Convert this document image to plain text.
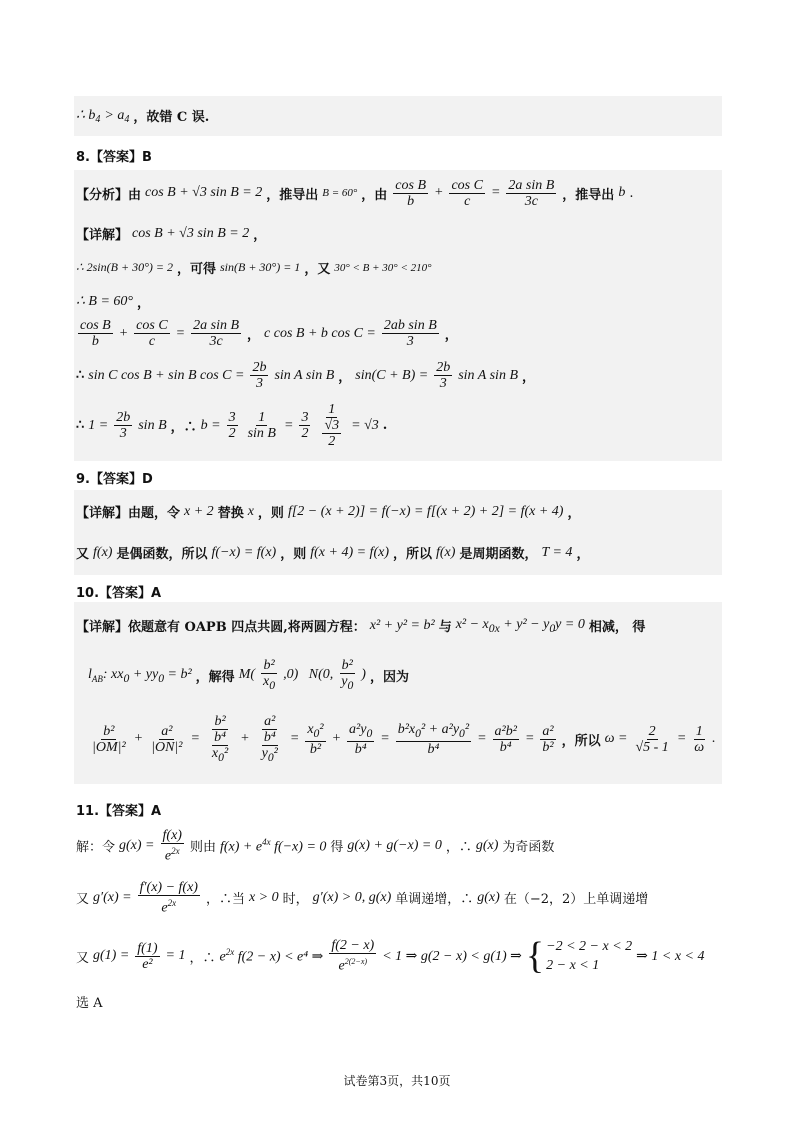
∴ b 4 > a 4 ，故错 C 误.
8.【答案】B
【分析】由 cos B + √3 sin B = 2 ，推导出 B = 60° ，由 $\frac{\text{cos B}}{b} + \frac{\text{cos C}}{c} = \frac{\text{2a sin B}}{3c}$ ，推导出 b .
【详解】 cos B + √3 sin B = 2 ，
∴ 2sin(B + 30°) = 2 ，可得 sin(B + 30°) = 1 ，又 30° < B + 30° < 210°
∴ B = 60° ，
$\frac{\text{cos B}}{b} + \frac{\text{cos C}}{c} = \frac{\text{2a sin B}}{3c}$ ， c cos B + b $\cos C = \frac{\text{2ab sin B}}{3}$ ，
∴ sin C cos B + sin B $\cos C = \frac{2b}{3}$ sin A sin B ， $\sin(C + B) = \frac{2b}{3}$ sin A sin B ，
∴ $1 = \frac{2b}{3}$ sin B ，∴ $b = \frac{3}{2} \frac{1}{\text{sin B}} = \frac{3}{2} \frac{1}{\frac{√3}{2}} = √3$ .
9.【答案】D
【详解】由题，令 x + 2 替换 x ，则 f[2 − (x + 2)] = f(−x) = f[(x + 2) + 2] = f(x + 4) ，
又 f(x) 是偶函数，所以 f(−x) = f(x) ，则 f(x + 4) = f(x) ，所以 f(x) 是周期函数， T = 4 ，
10.【答案】A
【详解】依题意有 OAPB 四点共圆,将两圆方程： x² + y² = b² 与 $x^2 - x_{0x} + y^2 - y_0y = 0$ 相减， 得
$l_{AB}$: $xx_0 + yy_0 = b^2$ ，解得 $M( \frac{\text{b²}}{x_0} ,0)$   N(0, $\frac{\text{b²}}{y_0}$ ) ，因为
$\frac{\text{b²}}{\text{|OM|²}} + \frac{\text{a²}}{\text{|ON|²}} = \frac{\text{b²}}{\frac{\text{b⁴}}{x_0^2}} + \frac{\text{a²}}{\frac{\text{b⁴}}{y_0^2}} = \frac{x_0^2}{\text{b²}} + \frac{a^2y_0}{\text{b⁴}} = \frac{b^2x_0^2 + a^2y_0^2}{\text{b⁴}} = \frac{\text{a²b²}}{\text{b⁴}} = \frac{\text{a²}}{\text{b²}}$ ，所以 $\omega = \frac{2}{√5 - 1} = \frac{1}{\omega}$ .
11.【答案】A
解：令 $g(x) = \frac{f(x)}{e^{2x}}$ 则由 $f(x) + e^{4x}$ f(−x) = 0 得 g(x) + g(−x) = 0 ，∴ g(x) 为奇函数
又 $g'(x) = \frac{f'(x) - f(x)}{e^{2x}}$ ，∴当 x > 0 时， g′(x) > 0, g(x) 单调递增，∴ g(x) 在（−2，2）上单调递增
又 $g(1) = \frac{f(1)}{\text{e²}} = 1$ ，∴ $e^{2x}$ f(2 − x) < e⁴ ⇒ $\frac{f(2 - x)}{e^{2(2-x)}} < 1$ ⇒ g(2 − x) < g(1) ⇒ { −2 < 2 − x < 2
2 − x < 1
⇒ 1 < x < 4
选 A
试卷第3页，共10页
